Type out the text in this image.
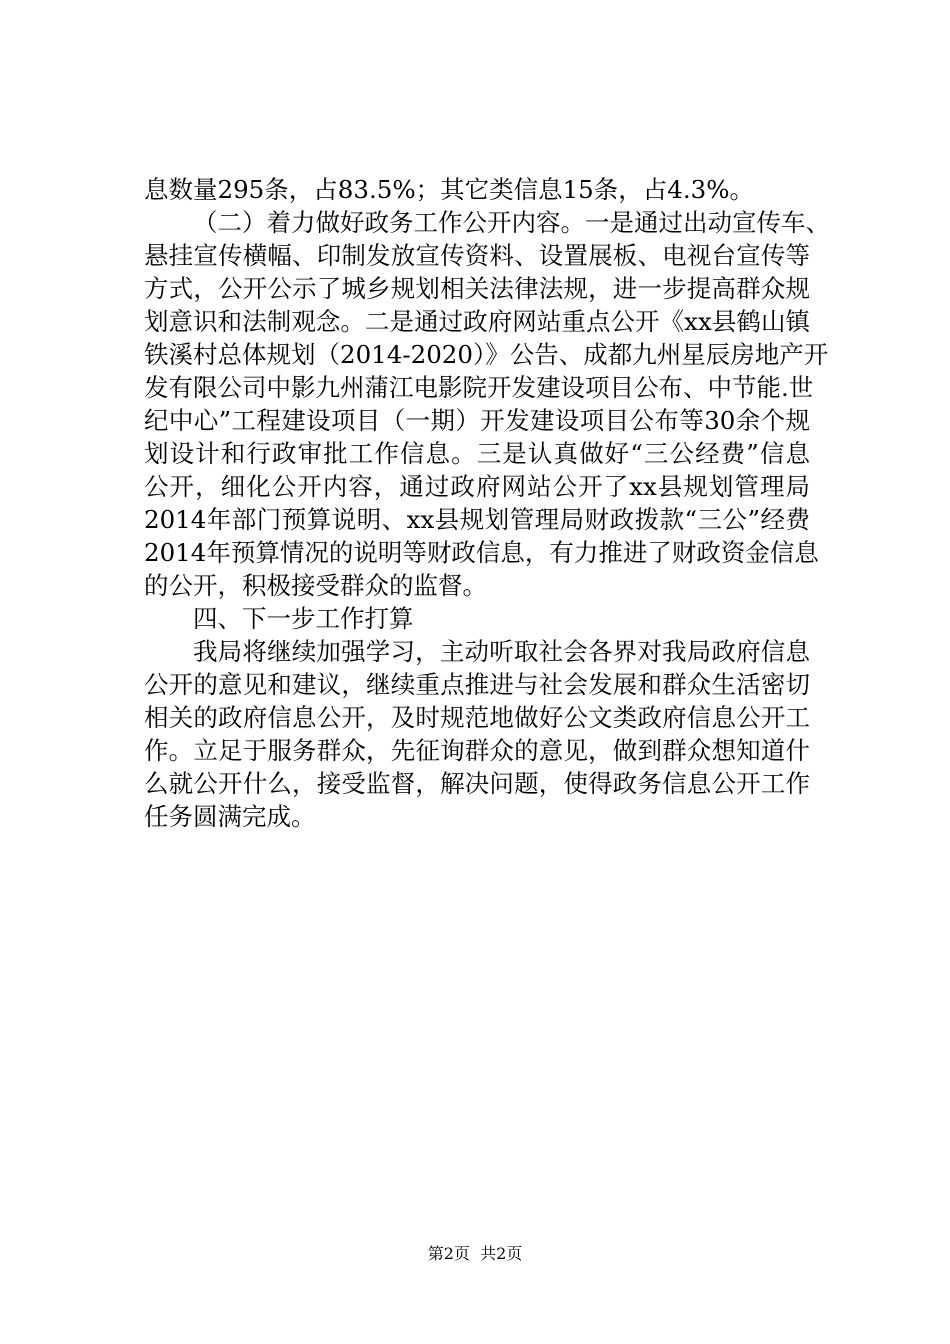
息数量295条，占83.5%；其它类信息15条，占4.3%。
（二）着力做好政务工作公开内容。一是通过出动宣传车、
悬挂宣传横幅、印制发放宣传资料、设置展板、电视台宣传等
方式，公开公示了城乡规划相关法律法规，进一步提高群众规
划意识和法制观念。二是通过政府网站重点公开《xx县鹤山镇
铁溪村总体规划（2014-2020）》公告、成都九州星辰房地产开
发有限公司中影九州蒲江电影院开发建设项目公布、中节能.世
纪中心”工程建设项目（一期）开发建设项目公布等30余个规
划设计和行政审批工作信息。三是认真做好“三公经费”信息
公开，细化公开内容，通过政府网站公开了xx县规划管理局
2014年部门预算说明、xx县规划管理局财政拨款“三公”经费
2014年预算情况的说明等财政信息，有力推进了财政资金信息
的公开，积极接受群众的监督。
四、下一步工作打算
我局将继续加强学习，主动听取社会各界对我局政府信息
公开的意见和建议，继续重点推进与社会发展和群众生活密切
相关的政府信息公开，及时规范地做好公文类政府信息公开工
作。立足于服务群众，先征询群众的意见，做到群众想知道什
么就公开什么，接受监督，解决问题，使得政务信息公开工作
任务圆满完成。
第2页  共2页
